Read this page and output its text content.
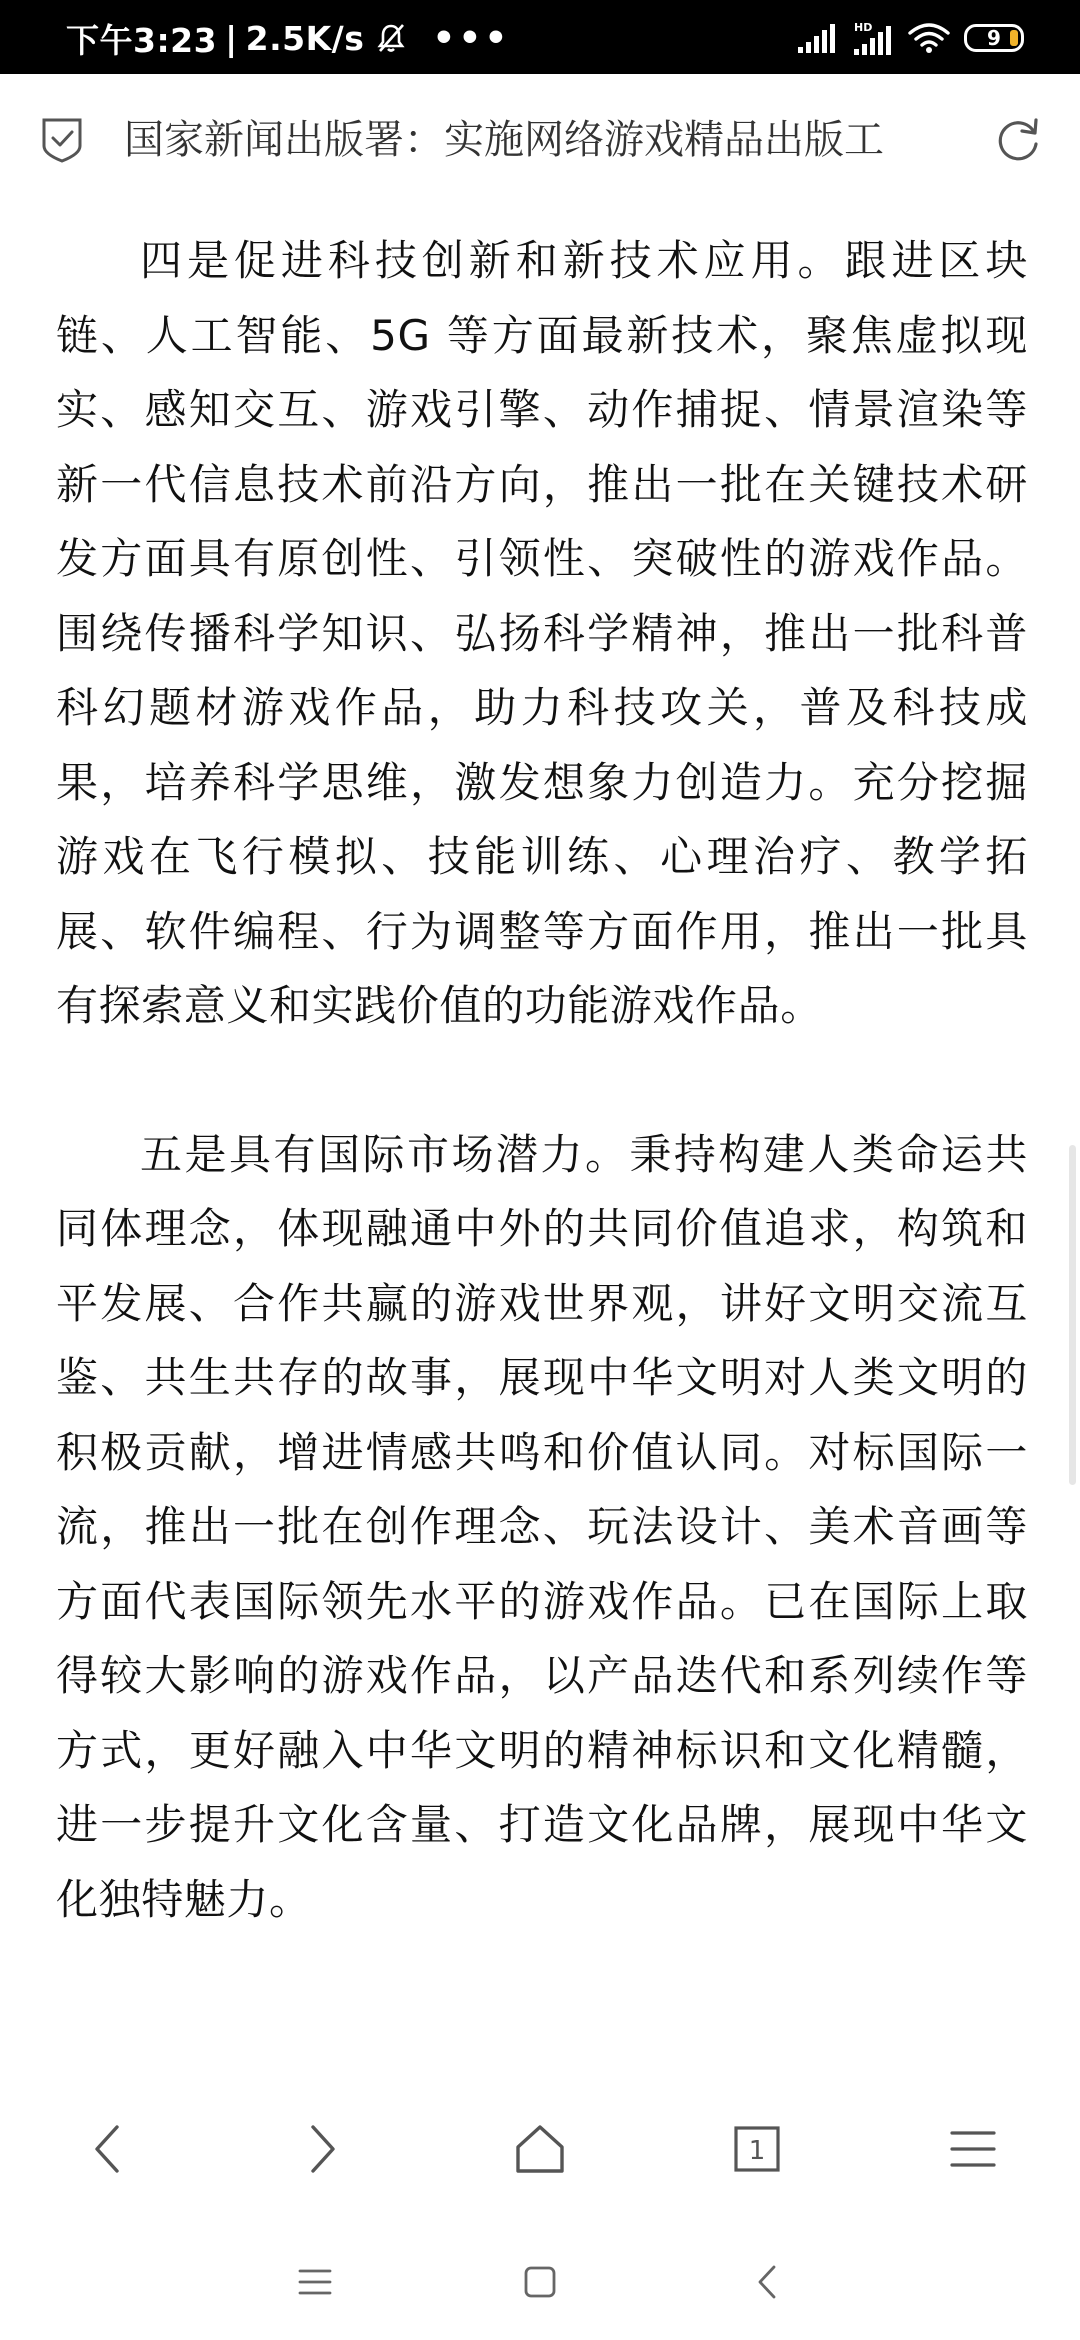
下午3:23 | 2.5K/s •••	HD	9
国家新闻出版署：实施网络游戏精品出版工

四是促进科技创新和新技术应用。跟进区块链、人工智能、5G 等方面最新技术，聚焦虚拟现实、感知交互、游戏引擎、动作捕捉、情景渲染等新一代信息技术前沿方向，推出一批在关键技术研发方面具有原创性、引领性、突破性的游戏作品。围绕传播科学知识、弘扬科学精神，推出一批科普科幻题材游戏作品，助力科技攻关，普及科技成果，培养科学思维，激发想象力创造力。充分挖掘游戏在飞行模拟、技能训练、心理治疗、教学拓展、软件编程、行为调整等方面作用，推出一批具有探索意义和实践价值的功能游戏作品。

五是具有国际市场潜力。秉持构建人类命运共同体理念，体现融通中外的共同价值追求，构筑和平发展、合作共赢的游戏世界观，讲好文明交流互鉴、共生共存的故事，展现中华文明对人类文明的积极贡献，增进情感共鸣和价值认同。对标国际一流，推出一批在创作理念、玩法设计、美术音画等方面代表国际领先水平的游戏作品。已在国际上取得较大影响的游戏作品，以产品迭代和系列续作等方式，更好融入中华文明的精神标识和文化精髓，进一步提升文化含量、打造文化品牌，展现中华文化独特魅力。

1
